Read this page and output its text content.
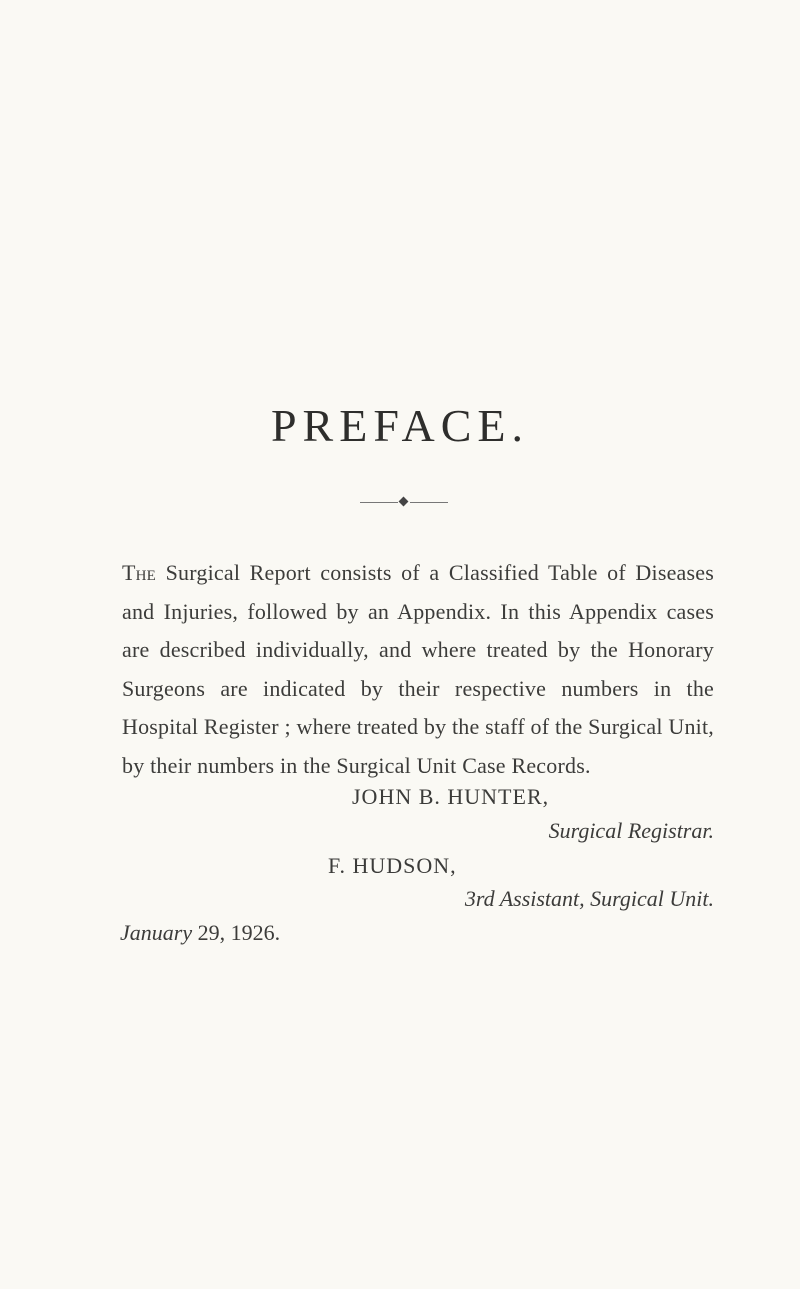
PREFACE.

The Surgical Report consists of a Classified Table of Diseases and Injuries, followed by an Appendix. In this Appendix cases are described individually, and where treated by the Honorary Surgeons are indicated by their respective numbers in the Hospital Register ; where treated by the staff of the Surgical Unit, by their numbers in the Surgical Unit Case Records.

JOHN B. HUNTER,
Surgical Registrar.
F. HUDSON,
3rd Assistant, Surgical Unit.
January 29, 1926.
